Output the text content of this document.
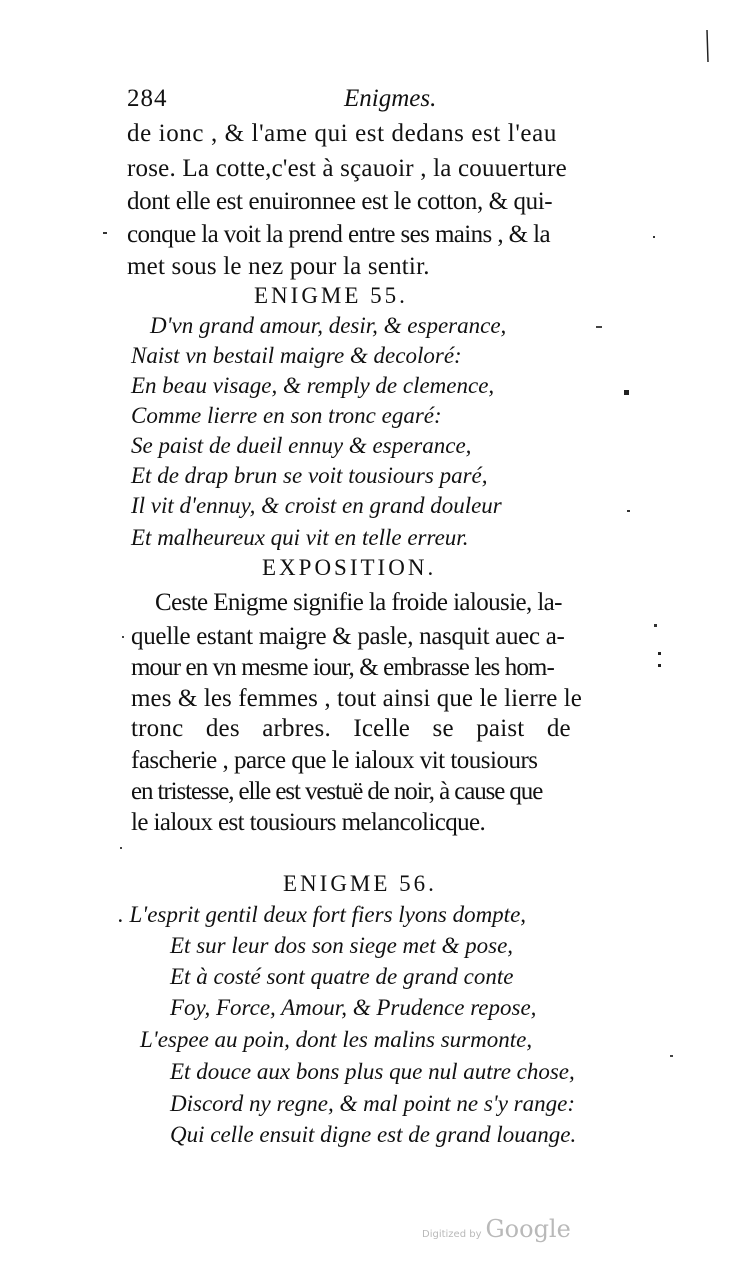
284	Enigmes.
de ionc , & l'ame qui est dedans est l'eau
rose. La cotte,c'est à sçauoir , la couuerture
dont elle est enuironnee est le cotton, & qui-
conque la voit la prend entre ses mains , & la
met sous le nez pour la sentir.
ENIGME 55.
D'vn grand amour, desir, & esperance,
Naist vn bestail maigre & decoloré:
En beau visage, & remply de clemence,
Comme lierre en son tronc egaré:
Se paist de dueil ennuy & esperance,
Et de drap brun se voit tousiours paré,
Il vit d'ennuy, & croist en grand douleur
Et malheureux qui vit en telle erreur.
EXPOSITION.
Ceste Enigme signifie la froide ialousie, la-
quelle estant maigre & pasle, nasquit auec a-
mour en vn mesme iour, & embrasse les hom-
mes & les femmes , tout ainsi que le lierre le
tronc des arbres. Icelle se paist de
fascherie , parce que le ialoux vit tousiours
en tristesse, elle est vestuë de noir, à cause que
le ialoux est tousiours melancolicque.
ENIGME 56.
. L'esprit gentil deux fort fiers lyons dompte,
Et sur leur dos son siege met & pose,
Et à costé sont quatre de grand conte
Foy, Force, Amour, & Prudence repose,
L'espee au poin, dont les malins surmonte,
Et douce aux bons plus que nul autre chose,
Discord ny regne, & mal point ne s'y range:
Qui celle ensuit digne est de grand louange.
Digitized by Google
